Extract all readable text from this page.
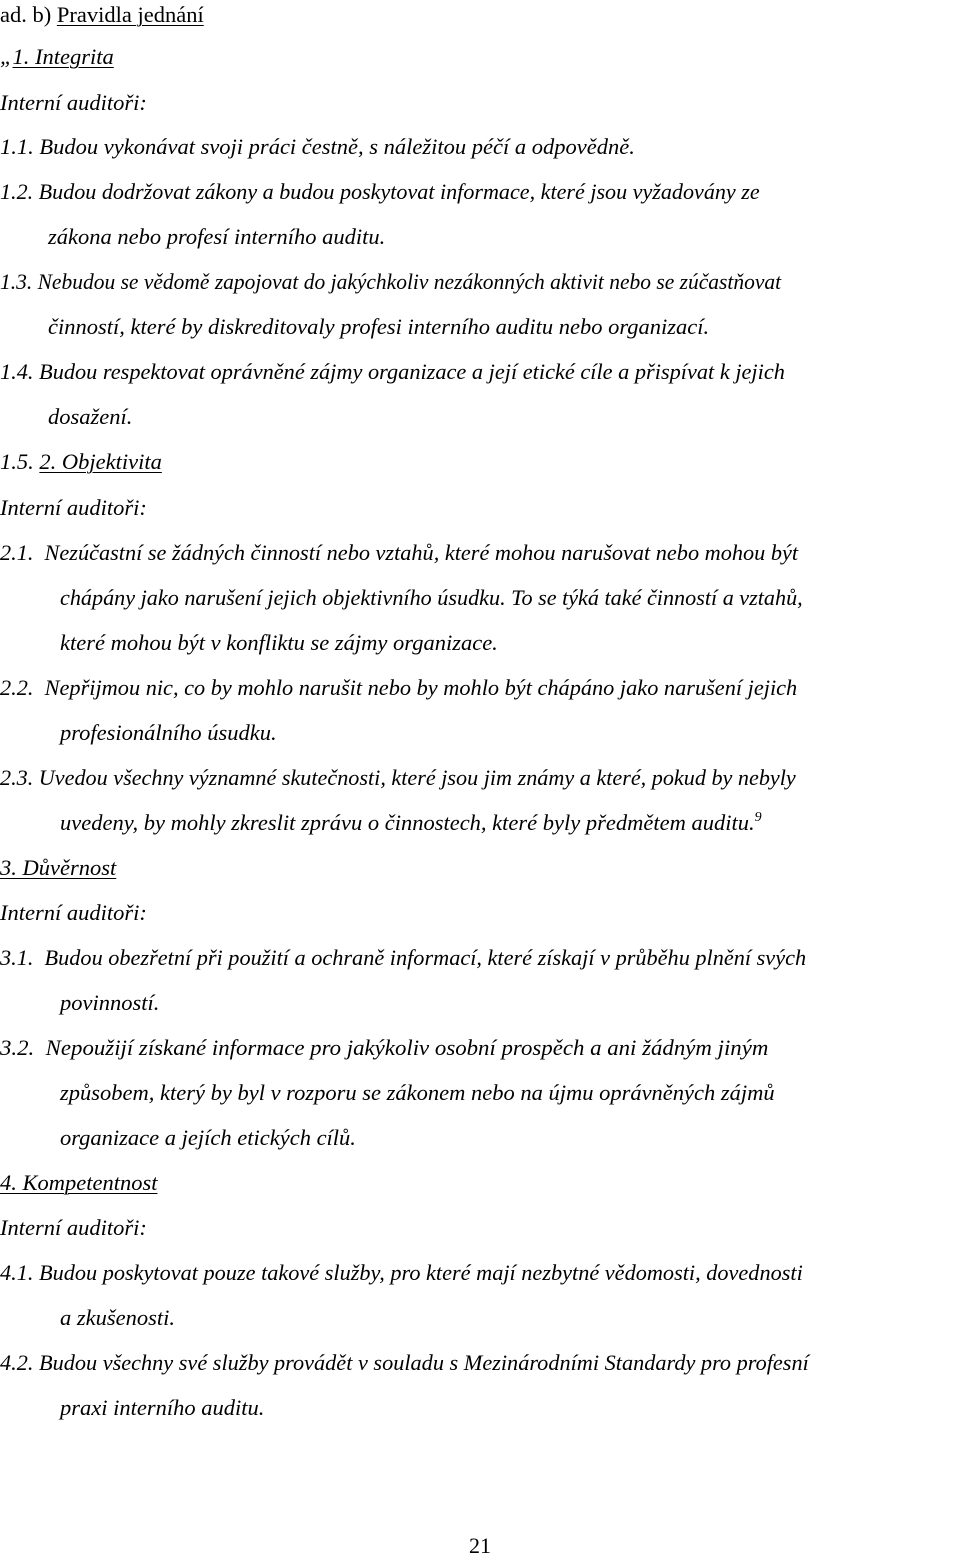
ad. b) Pravidla jednání
„1. Integrita
Interní auditoři:
1.1. Budou vykonávat svoji práci čestně, s náležitou péčí a odpovědně.
1.2. Budou dodržovat zákony a budou poskytovat informace, které jsou vyžadovány ze
zákona nebo profesí interního auditu.
1.3. Nebudou se vědomě zapojovat do jakýchkoliv nezákonných aktivit nebo se zúčastňovat
činností, které by diskreditovaly profesi interního auditu nebo organizací.
1.4. Budou respektovat oprávněné zájmy organizace a její etické cíle a přispívat k jejich
dosažení.
1.5. 2. Objektivita
Interní auditoři:
2.1. Nezúčastní se žádných činností nebo vztahů, které mohou narušovat nebo mohou být
chápány jako narušení jejich objektivního úsudku. To se týká také činností a vztahů,
které mohou být v konfliktu se zájmy organizace.
2.2. Nepřijmou nic, co by mohlo narušit nebo by mohlo být chápáno jako narušení jejich
profesionálního úsudku.
2.3. Uvedou všechny významné skutečnosti, které jsou jim známy a které, pokud by nebyly
uvedeny, by mohly zkreslit zprávu o činnostech, které byly předmětem auditu.$^9$
3. Důvěrnost
Interní auditoři:
3.1. Budou obezřetní při použití a ochraně informací, které získají v průběhu plnění svých
povinností.
3.2. Nepoužijí získané informace pro jakýkoliv osobní prospěch a ani žádným jiným
způsobem, který by byl v rozporu se zákonem nebo na újmu oprávněných zájmů
organizace a jejích etických cílů.
4. Kompetentnost
Interní auditoři:
4.1. Budou poskytovat pouze takové služby, pro které mají nezbytné vědomosti, dovednosti
a zkušenosti.
4.2. Budou všechny své služby provádět v souladu s Mezinárodními Standardy pro profesní
praxi interního auditu.
21
